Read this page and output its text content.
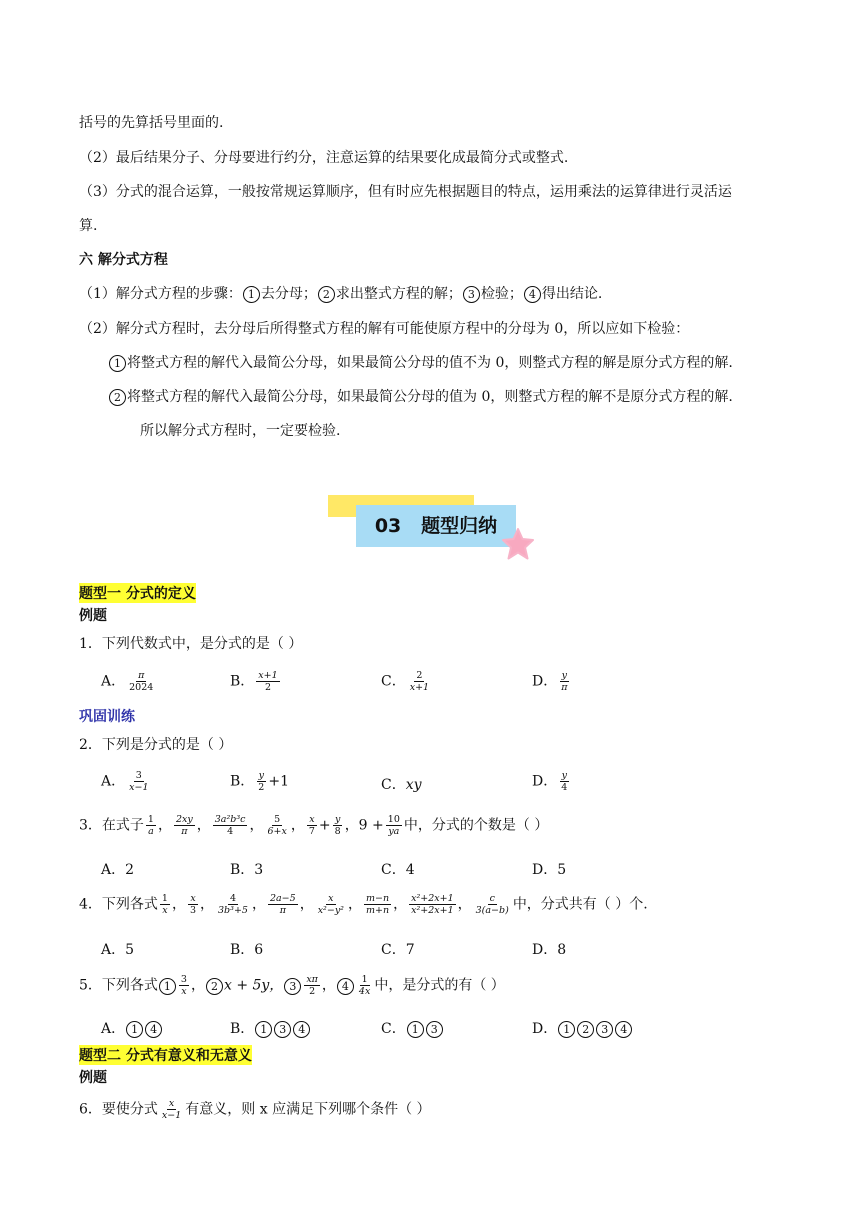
括号的先算括号里面的.
（2）最后结果分子、分母要进行约分，注意运算的结果要化成最简分式或整式.
（3）分式的混合运算，一般按常规运算顺序，但有时应先根据题目的特点，运用乘法的运算律进行灵活运
算.
六 解分式方程
（1）解分式方程的步骤： 1 去分母； 2 求出整式方程的解； 3 检验； 4 得出结论.
（2）解分式方程时，去分母后所得整式方程的解有可能使原方程中的分母为 0，所以应如下检验：
1 将整式方程的解代入最简公分母，如果最简公分母的值不为 0，则整式方程的解是原分式方程的解.
2 将整式方程的解代入最简公分母，如果最简公分母的值为 0，则整式方程的解不是原分式方程的解.
所以解分式方程时，一定要检验.
03 题型归纳
题型一 分式的定义
例题
1．下列代数式中，是分式的是（ ）
A． $\frac{\pi}{2024}$	B． $\frac{x+1}{2}$	C． $\frac{2}{x+1}$	D． $\frac{y}{\pi}$
巩固训练
2．下列是分式的是（ ）
A． $\frac{3}{x-1}$	B． $\frac{y}{2} +1$	C．xy	D． $\frac{y}{4}$
3．在式子 $\frac{1}{a}$ ， $\frac{2xy}{\pi}$ ， $\frac{\text{3a²b³c}}{4}$ ， $\frac{5}{6+x}$ ， $\frac{x}{7} + \frac{y}{8}$ ，$9 + \frac{10}{ya}$ 中，分式的个数是（ ）
A．2	B．3	C．4	D．5
4．下列各式 $\frac{1}{x}$ ， $\frac{x}{3}$ ， $\frac{4}{\text{3b³+5}}$ ， $\frac{2a-5}{\pi}$ ， $\frac{x}{\text{x²−y²}}$ ， $\frac{m-n}{m+n}$ ， $\frac{\text{x²+2x+1}}{\text{x²+2x+1}}$ ， $\frac{c}{3(a-b)}$ 中，分式共有（ ）个.
A．5	B．6	C．7	D．8
5．下列各式 $1 \frac{3}{x}$ ， 2 x + 5y， $3 \frac{x\pi}{2}$ ， $4 \frac{1}{4x}$ 中，是分式的有（ ）
A． 1 4	B． 1 3 4	C． 1 3	D． 1 2 3 4
题型二 分式有意义和无意义
例题
6．要使分式 $\frac{x}{x-1}$ 有意义，则 x 应满足下列哪个条件（ ）
